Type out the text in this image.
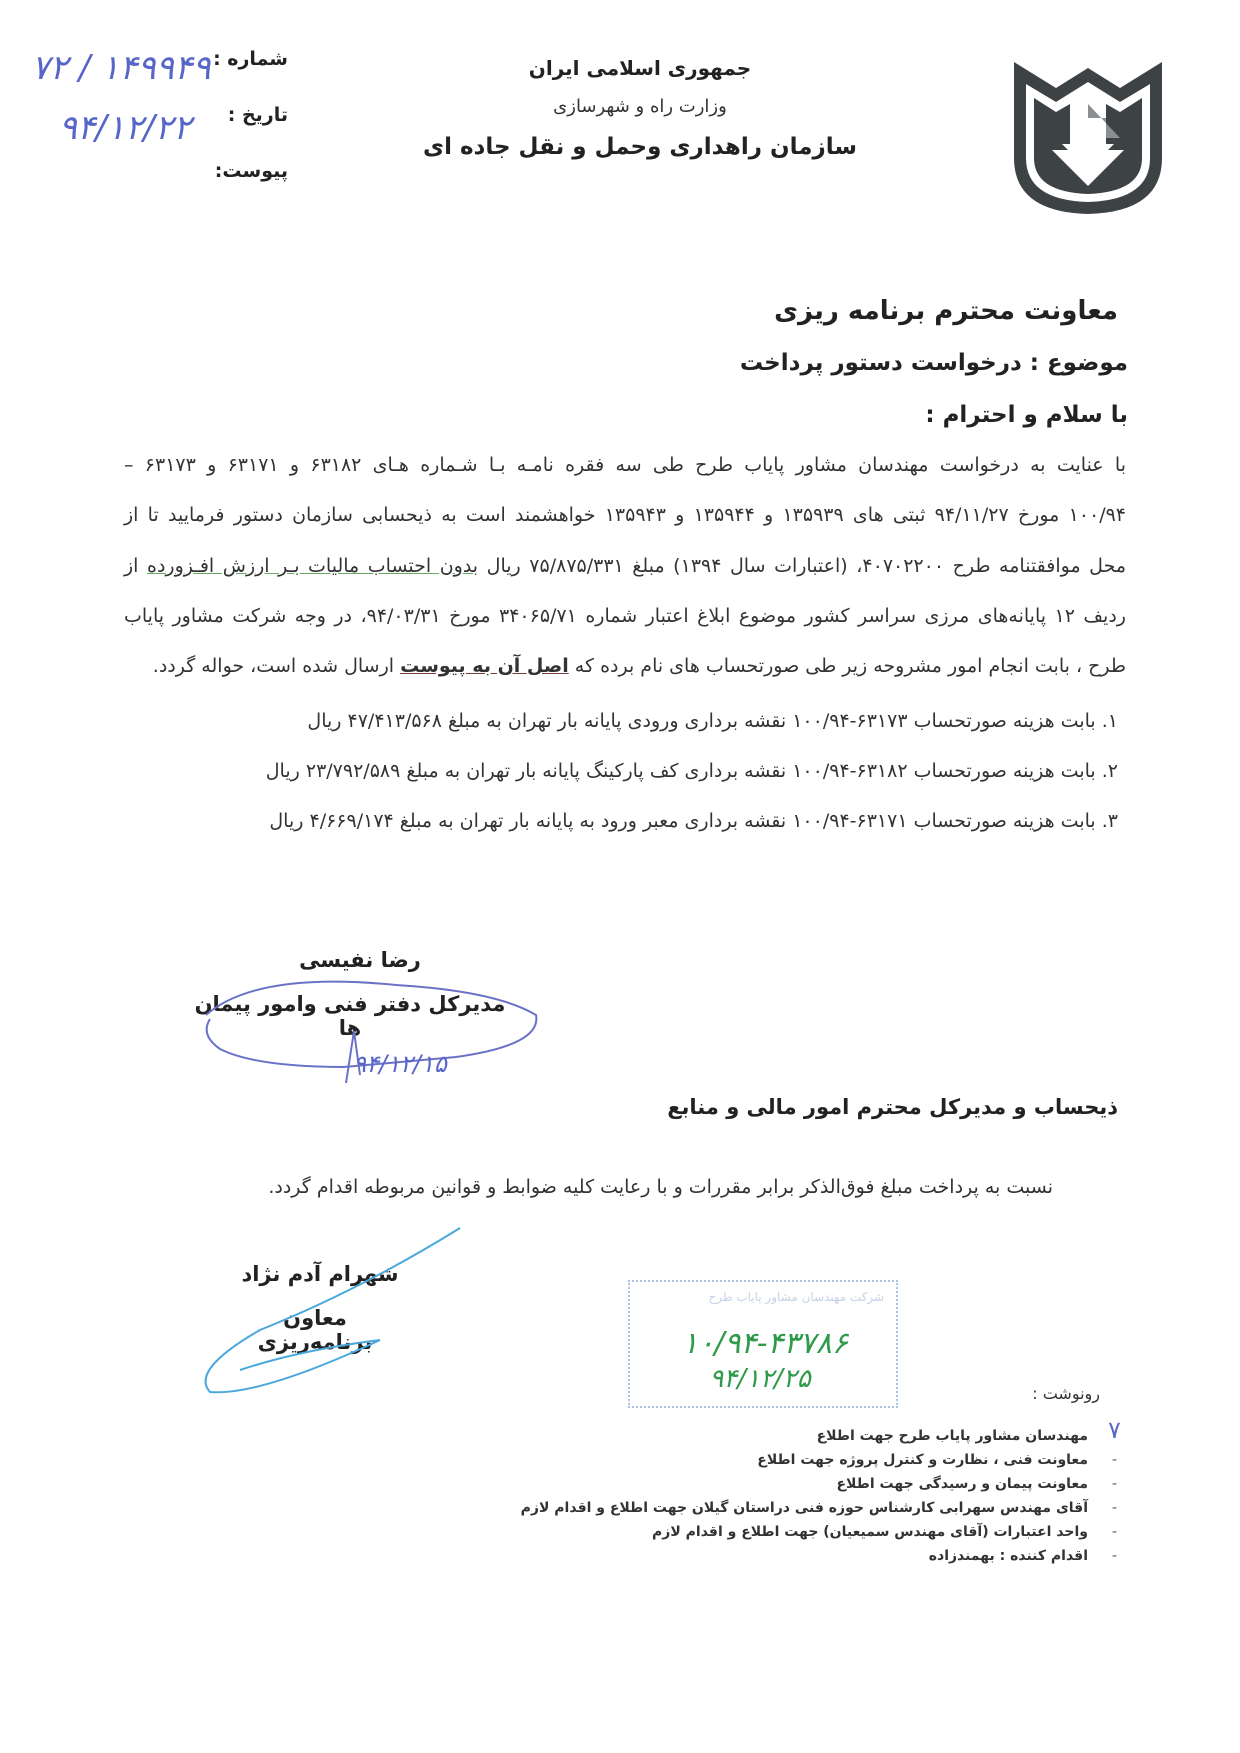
شماره :
۱۴۹۹۴۹ / ۷۲
تاریخ :
۹۴/۱۲/۲۲
پیوست:
جمهوری اسلامی ایران
وزارت راه و شهرسازی
سازمان راهداری وحمل و نقل جاده ای
معاونت محترم برنامه ریزی
موضوع : درخواست دستور پرداخت
با سلام و احترام :
با عنایت به درخواست مهندسان مشاور پایاب طرح طی سه فقره نامـه بـا شـماره هـای ۶۳۱۸۲ و ۶۳۱۷۱ و ۶۳۱۷۳ –
۱۰۰/۹۴ مورخ ۹۴/۱۱/۲۷ ثبتی های ۱۳۵۹۳۹ و ۱۳۵۹۴۴ و ۱۳۵۹۴۳ خواهشمند است به ذیحسابی سازمان دستور فرمایید تا از
محل موافقتنامه طرح ۴۰۷۰۲۲۰۰، (اعتبارات سال ۱۳۹۴) مبلغ ۷۵/۸۷۵/۳۳۱ ریال بدون احتساب مالیات بـر ارزش افـزورده از
ردیف ۱۲ پایانه‌های مرزی سراسر کشور موضوع ابلاغ اعتبار شماره ۳۴۰۶۵/۷۱ مورخ ۹۴/۰۳/۳۱، در وجه شرکت مشاور پایاب
طرح ، بابت انجام امور مشروحه زیر طی صورتحساب های نام برده که اصل آن به پیوست ارسال شده است، حواله گردد.
۱. بابت هزینه صورتحساب ۶۳۱۷۳-۱۰۰/۹۴ نقشه برداری ورودی پایانه بار تهران به مبلغ ۴۷/۴۱۳/۵۶۸ ریال
۲. بابت هزینه صورتحساب ۶۳۱۸۲-۱۰۰/۹۴ نقشه برداری کف پارکینگ پایانه بار تهران به مبلغ ۲۳/۷۹۲/۵۸۹ ریال
۳. بابت هزینه صورتحساب ۶۳۱۷۱-۱۰۰/۹۴ نقشه برداری معبر ورود به پایانه بار تهران به مبلغ ۴/۶۶۹/۱۷۴ ریال
رضا نفیسی
مدیرکل دفتر فنی وامور پیمان ها
۹۴/۱۲/۱۵
ذیحساب و مدیرکل محترم امور مالی و منابع
نسبت به پرداخت مبلغ فوق‌الذکر برابر مقررات و با رعایت کلیه ضوابط و قوانین مربوطه اقدام گردد.
شهرام آدم نژاد
معاون برنامه‌ریزی
شرکت مهندسان مشاور پایاب طرح
۱۰/۹۴-۴۳۷۸۶
۹۴/۱۲/۲۵	رونوشت :
۷
مهندسان مشاور پایاب طرح جهت اطلاع
-
معاونت فنی ، نظارت و کنترل پروژه جهت اطلاع
-
معاونت پیمان و رسیدگی جهت اطلاع
-
آقای مهندس سهرابی کارشناس حوزه فنی دراستان گیلان جهت اطلاع و اقدام لازم
-
واحد اعتبارات (آقای مهندس سمیعیان) جهت اطلاع و اقدام لازم
-
اقدام کننده : بهمندزاده
